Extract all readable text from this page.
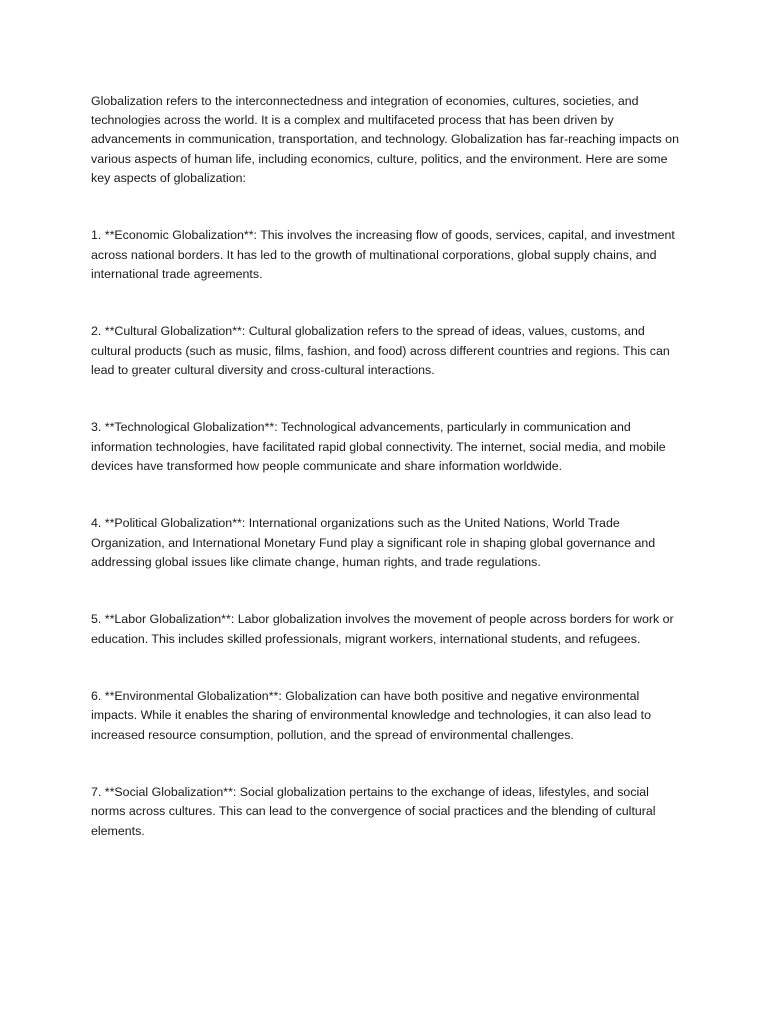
Globalization refers to the interconnectedness and integration of economies, cultures, societies, and technologies across the world. It is a complex and multifaceted process that has been driven by advancements in communication, transportation, and technology. Globalization has far-reaching impacts on various aspects of human life, including economics, culture, politics, and the environment. Here are some key aspects of globalization:

1. **Economic Globalization**: This involves the increasing flow of goods, services, capital, and investment across national borders. It has led to the growth of multinational corporations, global supply chains, and international trade agreements.

2. **Cultural Globalization**: Cultural globalization refers to the spread of ideas, values, customs, and cultural products (such as music, films, fashion, and food) across different countries and regions. This can lead to greater cultural diversity and cross-cultural interactions.

3. **Technological Globalization**: Technological advancements, particularly in communication and information technologies, have facilitated rapid global connectivity. The internet, social media, and mobile devices have transformed how people communicate and share information worldwide.

4. **Political Globalization**: International organizations such as the United Nations, World Trade Organization, and International Monetary Fund play a significant role in shaping global governance and addressing global issues like climate change, human rights, and trade regulations.

5. **Labor Globalization**: Labor globalization involves the movement of people across borders for work or education. This includes skilled professionals, migrant workers, international students, and refugees.

6. **Environmental Globalization**: Globalization can have both positive and negative environmental impacts. While it enables the sharing of environmental knowledge and technologies, it can also lead to increased resource consumption, pollution, and the spread of environmental challenges.

7. **Social Globalization**: Social globalization pertains to the exchange of ideas, lifestyles, and social norms across cultures. This can lead to the convergence of social practices and the blending of cultural elements.
